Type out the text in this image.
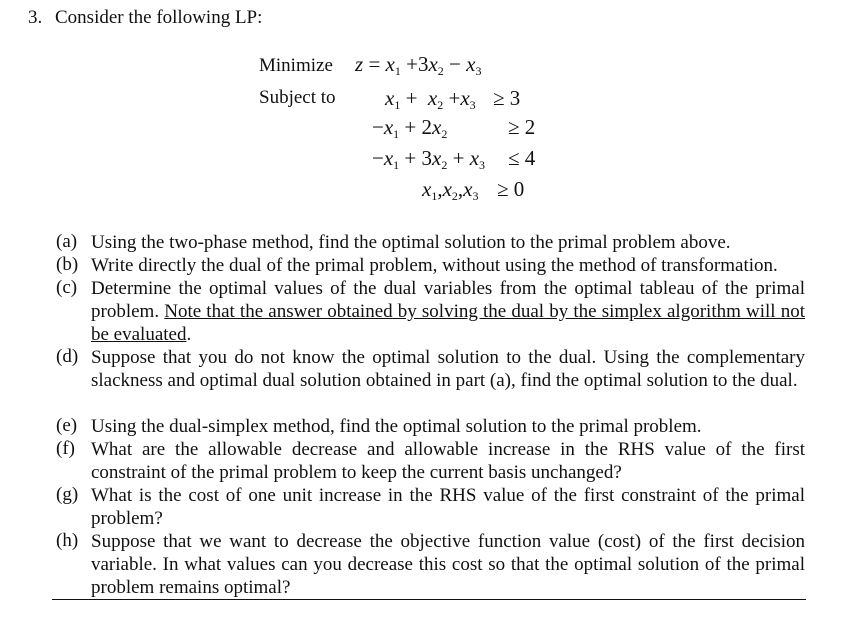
3. Consider the following LP:
Minimize
Subject to
$z = x_1 +3x_2 - x_3$
$x_1 + x_2 +x_3 \ge 3$
$-x_1 + 2x_2$	≥ 2
$-x_1 + 3x_2 + x_3 \le 4$
$x_1,x_2,x_3 \ge 0$
(a) Using the two-phase method, find the optimal solution to the primal problem above.
(b) Write directly the dual of the primal problem, without using the method of transformation.
(c) Determine the optimal values of the dual variables from the optimal tableau of the primal problem. Note that the answer obtained by solving the dual by the simplex algorithm will not be evaluated.
(d) Suppose that you do not know the optimal solution to the dual. Using the complementary slackness and optimal dual solution obtained in part (a), find the optimal solution to the dual.
(e) Using the dual-simplex method, find the optimal solution to the primal problem.
(f) What are the allowable decrease and allowable increase in the RHS value of the first constraint of the primal problem to keep the current basis unchanged?
(g) What is the cost of one unit increase in the RHS value of the first constraint of the primal problem?
(h) Suppose that we want to decrease the objective function value (cost) of the first decision variable. In what values can you decrease this cost so that the optimal solution of the primal problem remains optimal?
